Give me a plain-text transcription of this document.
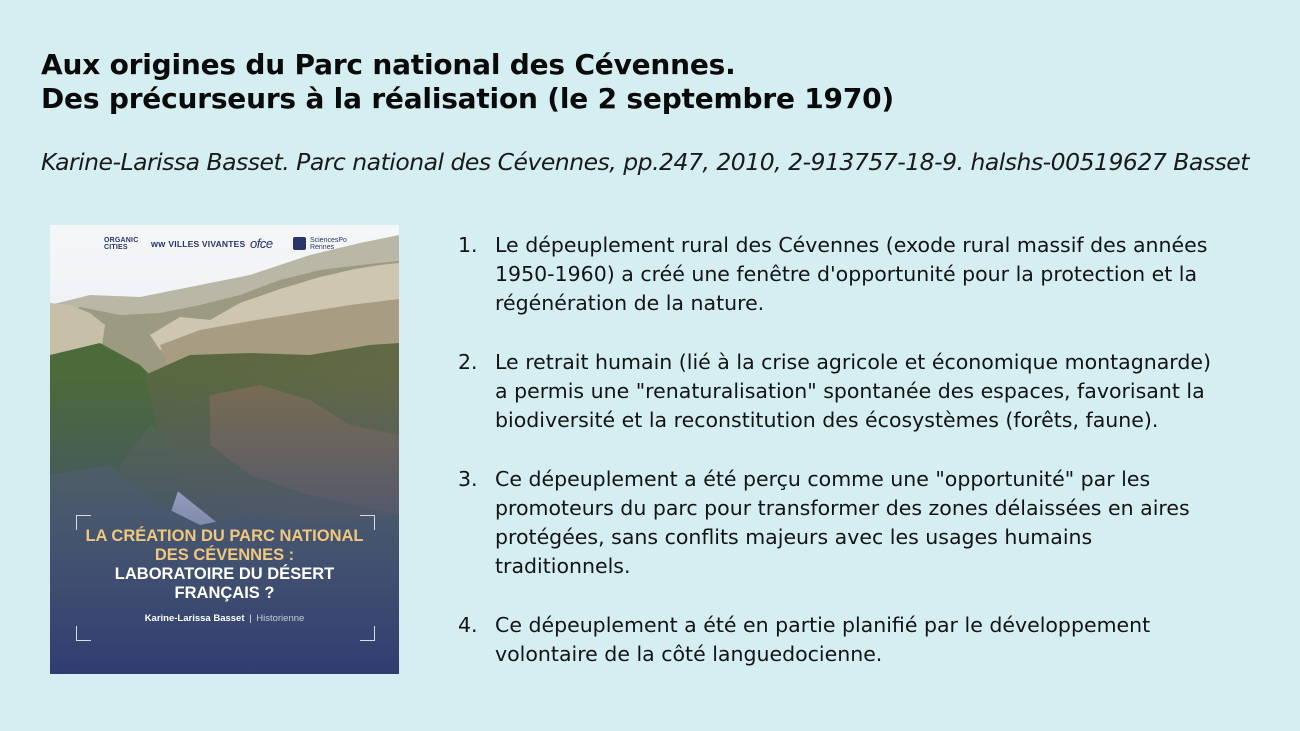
Aux origines du Parc national des Cévennes.
Des précurseurs à la réalisation (le 2 septembre 1970)
Karine-Larissa Basset. Parc national des Cévennes, pp.247, 2010, 2-913757-18-9. halshs-00519627 Basset
ORGANIC
CITIES	ww VILLES VIVANTES ofce
	SciencesPo
Rennes
LA CRÉATION DU PARC NATIONAL
DES CÉVENNES :
LABORATOIRE DU DÉSERT
FRANÇAIS ?
Karine-Larissa Basset | Historienne
1. Le dépeuplement rural des Cévennes (exode rural massif des années
1950-1960) a créé une fenêtre d'opportunité pour la protection et la
régénération de la nature.
2. Le retrait humain (lié à la crise agricole et économique montagnarde)
a permis une "renaturalisation" spontanée des espaces, favorisant la
biodiversité et la reconstitution des écosystèmes (forêts, faune).
3. Ce dépeuplement a été perçu comme une "opportunité" par les
promoteurs du parc pour transformer des zones délaissées en aires
protégées, sans conflits majeurs avec les usages humains
traditionnels.
4. Ce dépeuplement a été en partie planifié par le développement
volontaire de la côté languedocienne.
